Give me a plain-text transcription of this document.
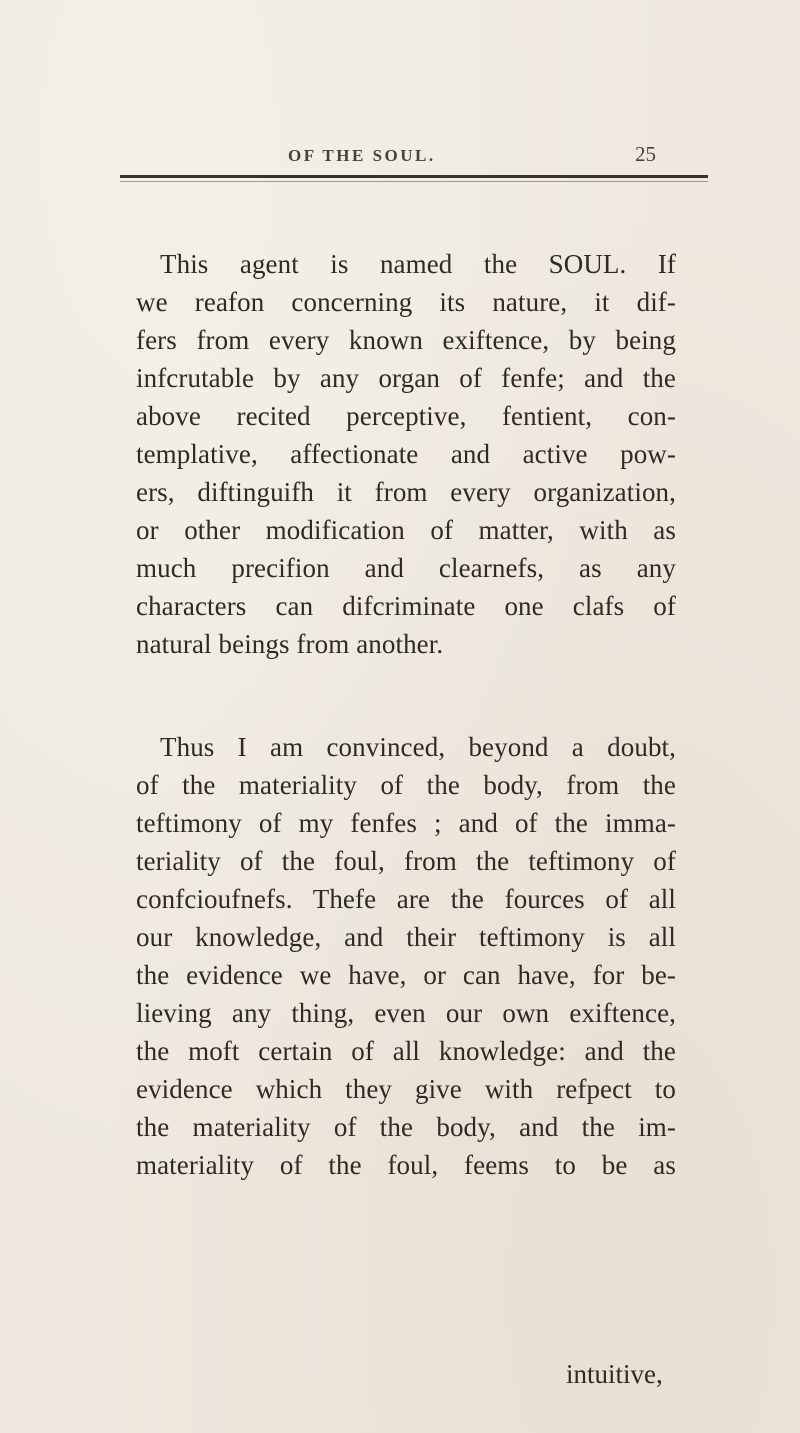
OF THE SOUL.	25
This agent is named the SOUL. If
we reafon concerning its nature, it dif-
fers from every known exiftence, by being
infcrutable by any organ of fenfe; and the
above recited perceptive, fentient, con-
templative, affectionate and active pow-
ers, diftinguifh it from every organization,
or other modification of matter, with as
much precifion and clearnefs, as any
characters can difcriminate one clafs of
natural beings from another.
Thus I am convinced, beyond a doubt,
of the materiality of the body, from the
teftimony of my fenfes ; and of the imma-
teriality of the foul, from the teftimony of
confcioufnefs. Thefe are the fources of all
our knowledge, and their teftimony is all
the evidence we have, or can have, for be-
lieving any thing, even our own exiftence,
the moft certain of all knowledge: and the
evidence which they give with refpect to
the materiality of the body, and the im-
materiality of the foul, feems to be as
intuitive,
